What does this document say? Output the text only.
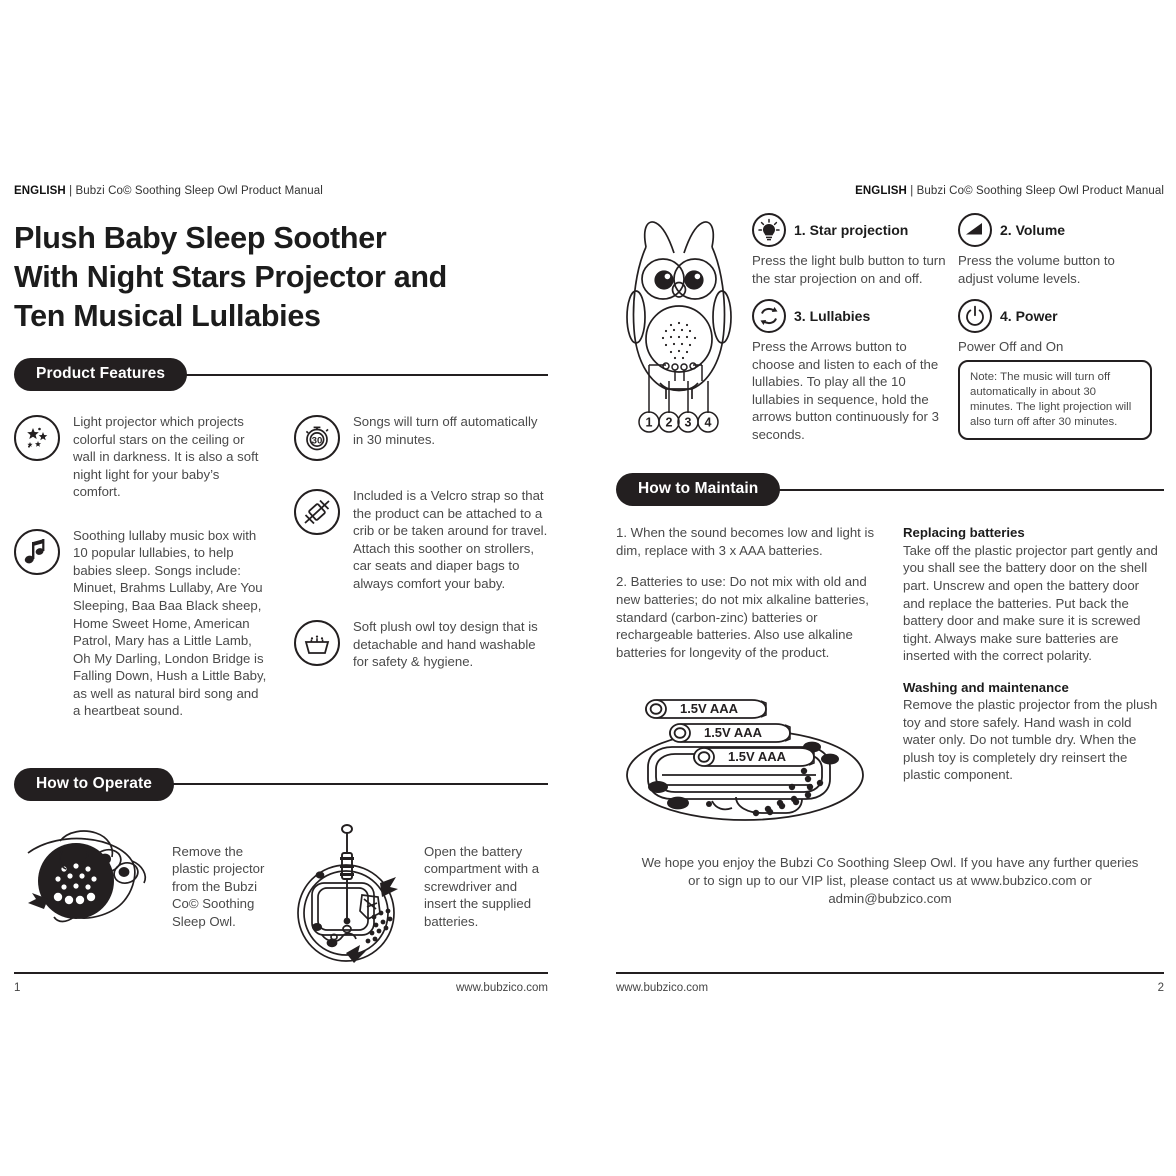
ENGLISH | Bubzi Co© Soothing Sleep Owl Product Manual
Plush Baby Sleep Soother
With Night Stars Projector and
Ten Musical Lullabies
Product Features
Light projector which projects colorful stars on the ceiling or wall in darkness. It is also a soft night light for your baby’s comfort.
Soothing lullaby music box with 10 popular lullabies, to help babies sleep. Songs include: Minuet, Brahms Lullaby, Are You Sleeping, Baa Baa Black sheep, Home Sweet Home, American Patrol, Mary has a Little Lamb, Oh My Darling, London Bridge is Falling Down, Hush a Little Baby, as well as natural bird song and a heartbeat sound.
30
Songs will turn off automatically in 30 minutes.
Included is a Velcro strap so that the product can be attached to a crib or be taken around for travel. Attach this soother on strollers, car seats and diaper bags to always comfort your baby.
Soft plush owl toy design that is detachable and hand washable for safety & hygiene.
How to Operate
Remove the plastic projector from the Bubzi Co© Soothing Sleep Owl.
Open the battery compartment with a screwdriver and insert the supplied batteries.
1	www.bubzico.com
ENGLISH | Bubzi Co© Soothing Sleep Owl Product Manual
1 2 3 4
1. Star projection
Press the light bulb button to turn the star projection on and off.
2. Volume
Press the volume button to adjust volume levels.
3. Lullabies
Press the Arrows button to choose and listen to each of the lullabies. To play all the 10 lullabies in sequence, hold the arrows button continuously for 3 seconds.
4. Power
Power Off and On
Note: The music will turn off automatically in about 30 minutes. The light projection will also turn off after 30 minutes.
How to Maintain

1. When the sound becomes low and light is dim, replace with 3 x AAA batteries.

2. Batteries to use: Do not mix with old and new batteries; do not mix alkaline batteries, standard (carbon-zinc) batteries or rechargeable batteries. Also use alkaline batteries for longevity of the product.

1.5V AAA
1.5V AAA
1.5V AAA

Replacing batteries
Take off the plastic projector part gently and you shall see the battery door on the shell part. Unscrew and open the battery door and replace the batteries. Put back the battery door and make sure it is screwed tight. Always make sure batteries are inserted with the correct polarity.

Washing and maintenance
Remove the plastic projector from the plush toy and store safely. Hand wash in cold water only. Do not tumble dry. When the plush toy is completely dry reinsert the plastic component.

We hope you enjoy the Bubzi Co Soothing Sleep Owl. If you have any further queries or to sign up to our VIP list, please contact us at www.bubzico.com or admin@bubzico.com
www.bubzico.com	2
